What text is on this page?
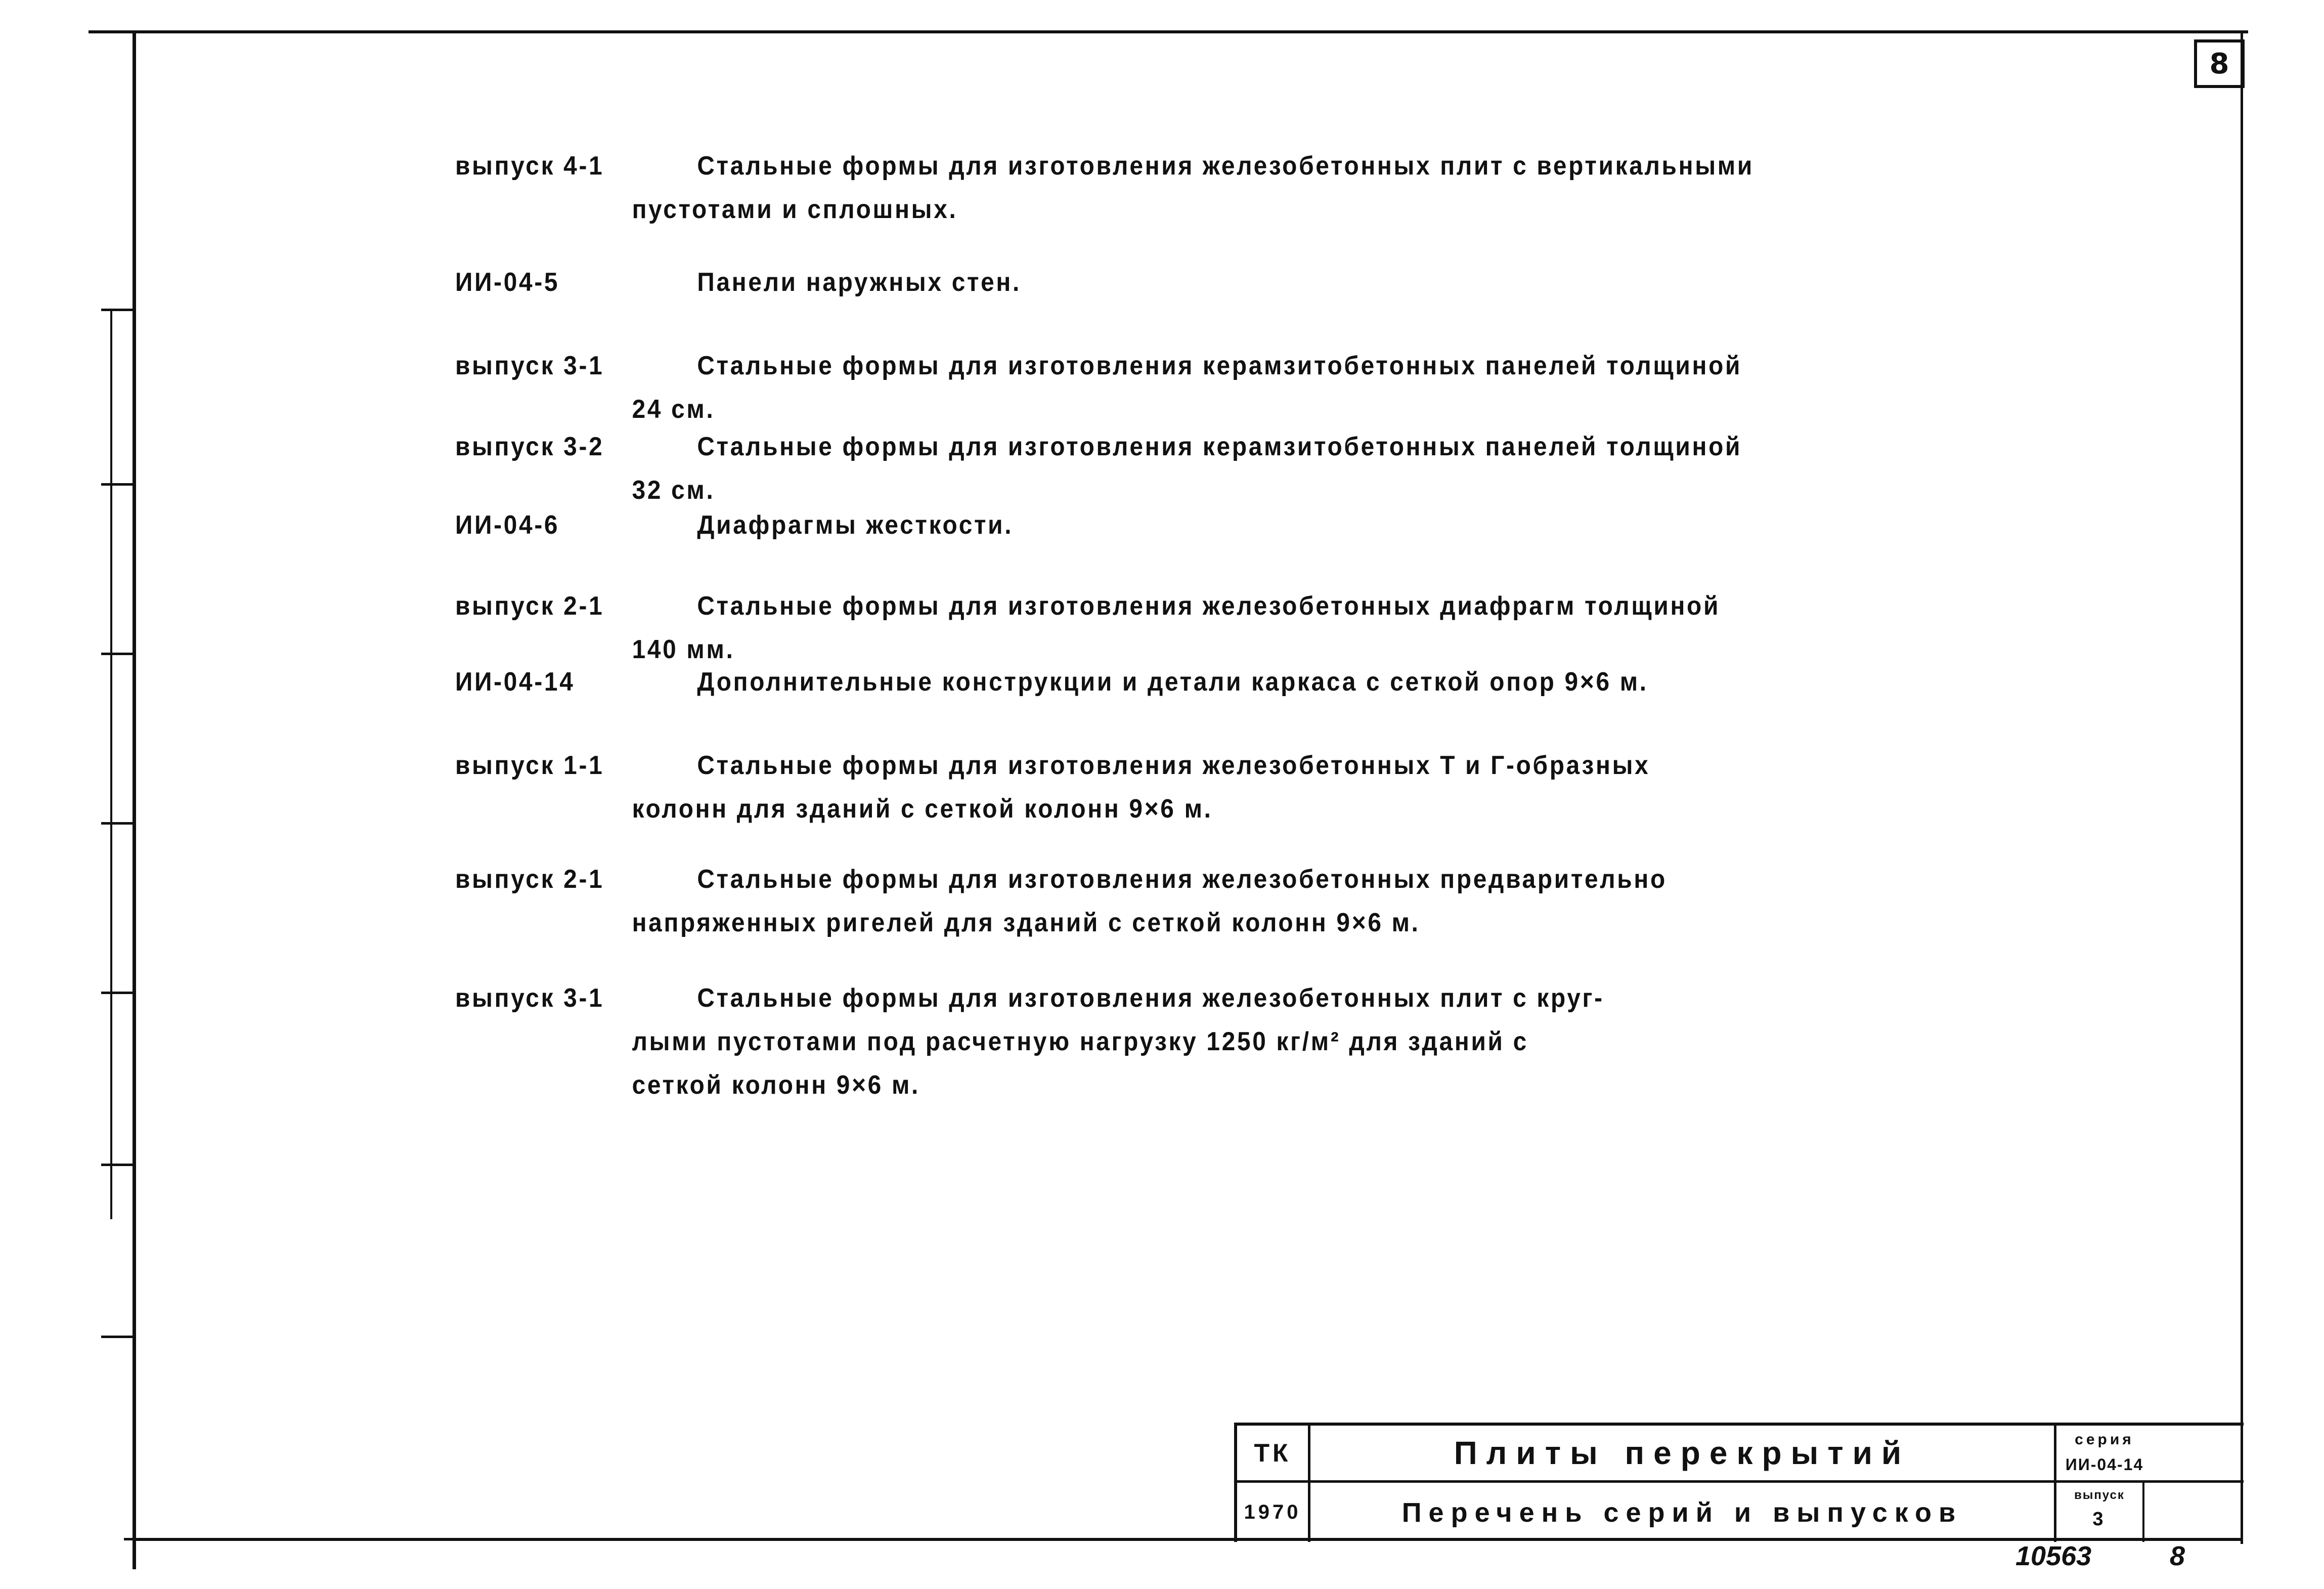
8
выпуск 4-1	Стальные формы для изготовления железобетонных плит с вертикальными
пустотами и сплошных.
ИИ-04-5	Панели наружных стен.
выпуск 3-1	Стальные формы для изготовления керамзитобетонных панелей толщиной
24 см.
выпуск 3-2	Стальные формы для изготовления керамзитобетонных панелей толщиной
32 см.
ИИ-04-6	Диафрагмы жесткости.
выпуск 2-1	Стальные формы для изготовления железобетонных диафрагм толщиной
140 мм.
ИИ-04-14	Дополнительные конструкции и детали каркаса с сеткой опор 9×6 м.
выпуск 1-1	Стальные формы для изготовления железобетонных Т и Г-образных
колонн для зданий с сеткой колонн 9×6 м.
выпуск 2-1	Стальные формы для изготовления железобетонных предварительно
напряженных ригелей для зданий с сеткой колонн 9×6 м.
выпуск 3-1	Стальные формы для изготовления железобетонных плит с круг-
лыми пустотами под расчетную нагрузку 1250 кг/м² для зданий с
сеткой колонн 9×6 м.
ТК
1970
Плиты перекрытий
Перечень серий и выпусков
серия
ИИ-04-14
выпуск
3
10563	8
